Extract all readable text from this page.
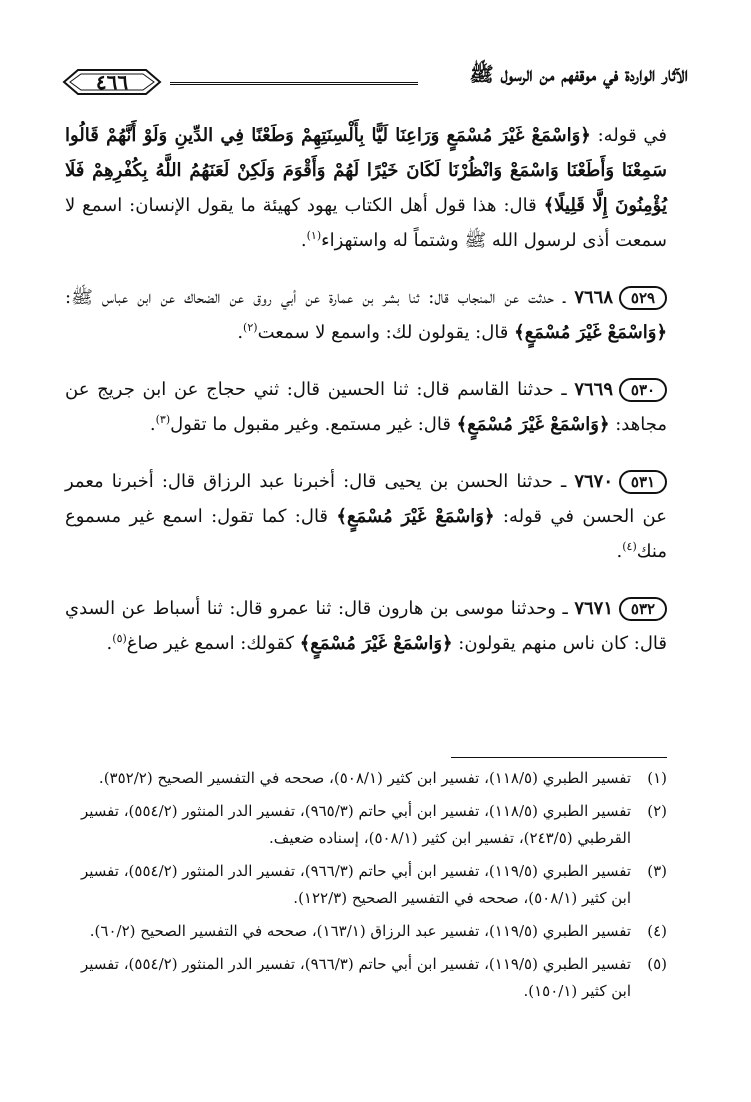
الآثار الواردة في موقفهم من الرسول ﷺ
٤٦٦

في قوله: ﴿وَاسْمَعْ غَيْرَ مُسْمَعٍ وَرَاعِنَا لَيًّا بِأَلْسِنَتِهِمْ وَطَعْنًا فِي الدِّينِ وَلَوْ أَنَّهُمْ قَالُوا سَمِعْنَا وَأَطَعْنَا وَاسْمَعْ وَانْظُرْنَا لَكَانَ خَيْرًا لَهُمْ وَأَقْوَمَ وَلَكِنْ لَعَنَهُمُ اللَّهُ بِكُفْرِهِمْ فَلَا يُؤْمِنُونَ إِلَّا قَلِيلًا﴾ قال: هذا قول أهل الكتاب يهود كهيئة ما يقول الإنسان: اسمع لا سمعت أذى لرسول الله ﷺ وشتماً له واستهزاء$^{(١)}$.

٥٢٩٧٦٦٨ ـ حدثت عن المنجاب قال: ثنا بشر بن عمارة عن أبي روق عن الضحاك عن ابن عباس ﷺ: ﴿وَاسْمَعْ غَيْرَ مُسْمَعٍ﴾ قال: يقولون لك: واسمع لا سمعت$^{(٢)}$.

٥٣٠٧٦٦٩ ـ حدثنا القاسم قال: ثنا الحسين قال: ثني حجاج عن ابن جريج عن مجاهد: ﴿وَاسْمَعْ غَيْرَ مُسْمَعٍ﴾ قال: غير مستمع. وغير مقبول ما تقول$^{(٣)}$.

٥٣١٧٦٧٠ ـ حدثنا الحسن بن يحيى قال: أخبرنا عبد الرزاق قال: أخبرنا معمر عن الحسن في قوله: ﴿وَاسْمَعْ غَيْرَ مُسْمَعٍ﴾ قال: كما تقول: اسمع غير مسموع منك$^{(٤)}$.

٥٣٢٧٦٧١ ـ وحدثنا موسى بن هارون قال: ثنا عمرو قال: ثنا أسباط عن السدي قال: كان ناس منهم يقولون: ﴿وَاسْمَعْ غَيْرَ مُسْمَعٍ﴾ كقولك: اسمع غير صاغ$^{(٥)}$.

(١)
تفسير الطبري (١١٨/٥)، تفسير ابن كثير (٥٠٨/١)، صححه في التفسير الصحيح (٣٥٢/٢).
(٢)
تفسير الطبري (١١٨/٥)، تفسير ابن أبي حاتم (٩٦٥/٣)، تفسير الدر المنثور (٥٥٤/٢)، تفسير القرطبي (٢٤٣/٥)، تفسير ابن كثير (٥٠٨/١)، إسناده ضعيف.
(٣)
تفسير الطبري (١١٩/٥)، تفسير ابن أبي حاتم (٩٦٦/٣)، تفسير الدر المنثور (٥٥٤/٢)، تفسير ابن كثير (٥٠٨/١)، صححه في التفسير الصحيح (١٢٢/٣).
(٤)
تفسير الطبري (١١٩/٥)، تفسير عبد الرزاق (١٦٣/١)، صححه في التفسير الصحيح (٦٠/٢).
(٥)
تفسير الطبري (١١٩/٥)، تفسير ابن أبي حاتم (٩٦٦/٣)، تفسير الدر المنثور (٥٥٤/٢)، تفسير ابن كثير (١٥٠/١).
